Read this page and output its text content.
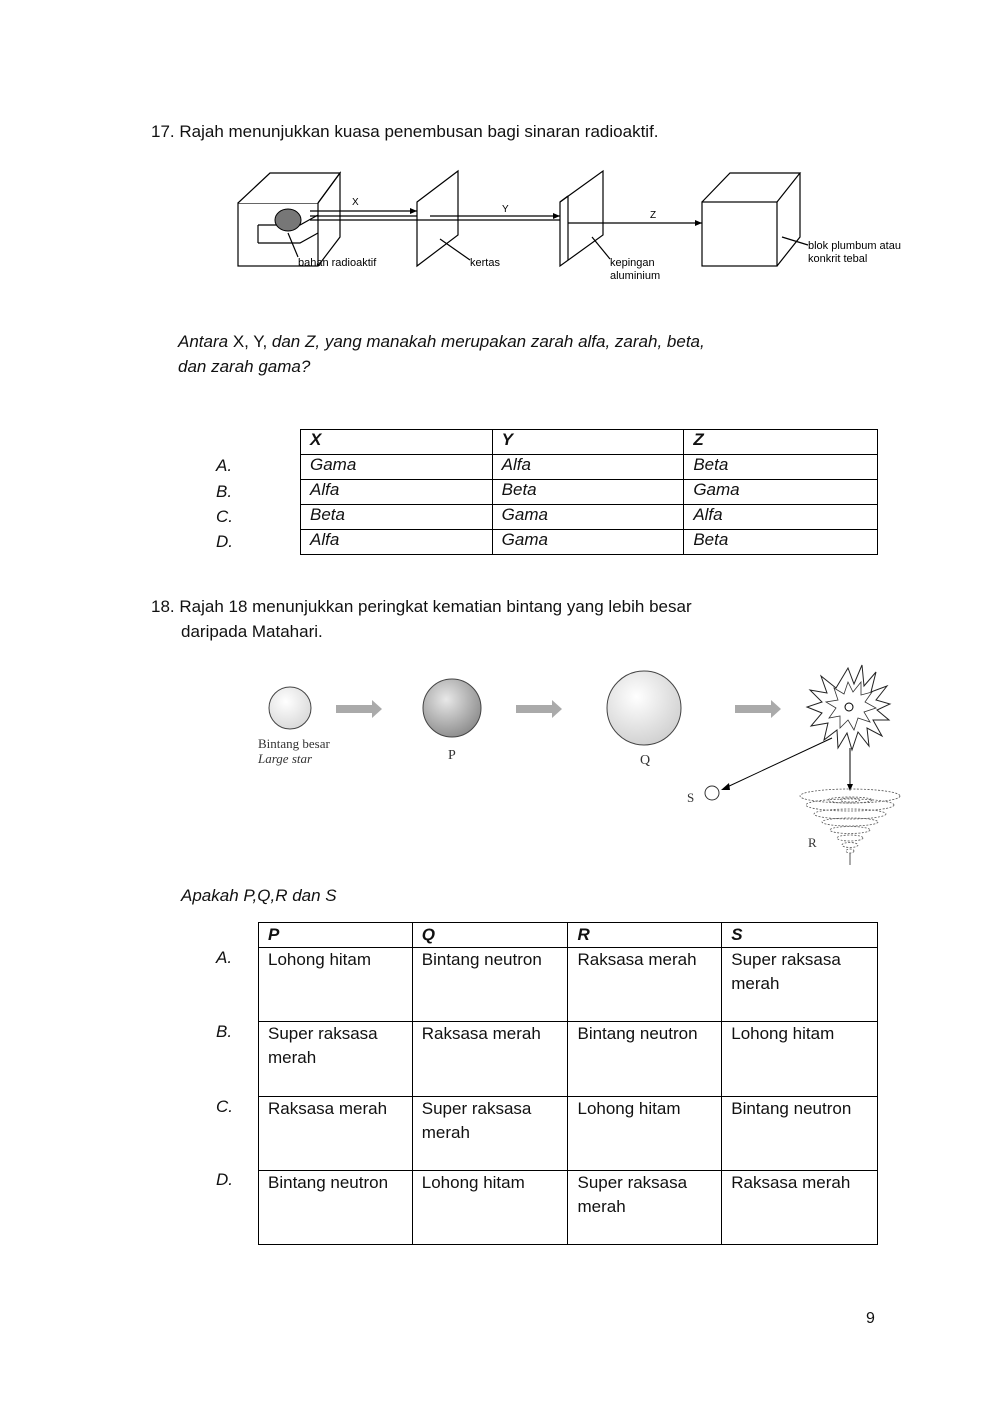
17. Rajah menunjukkan kuasa penembusan bagi sinaran radioaktif.
X
Y
Z
bahan radioaktif	kertas	kepingan
aluminium
blok plumbum atau
konkrit tebal
Antara X, Y, dan Z, yang manakah merupakan zarah alfa, zarah, beta,
dan zarah gama?
A.
B.
C.
D.
X	Y	Z
Gama	Alfa	Beta
Alfa	Beta	Gama
Beta	Gama	Alfa
Alfa	Gama	Beta
18. Rajah 18 menunjukkan peringkat kematian bintang yang lebih besar
daripada Matahari.
Bintang besar
Large star	P	Q
S
R
Apakah P,Q,R dan S
A.
B.
C.
D.
P	Q	R	S

Lohong hitam	Bintang neutron	Raksasa merah	Super raksasa
merah

Super raksasa
merah	Raksasa merah	Bintang neutron	Lohong hitam

Raksasa merah	Super raksasa
merah	Lohong hitam	Bintang neutron

Bintang neutron	Lohong hitam	Super raksasa
merah	Raksasa merah
9
